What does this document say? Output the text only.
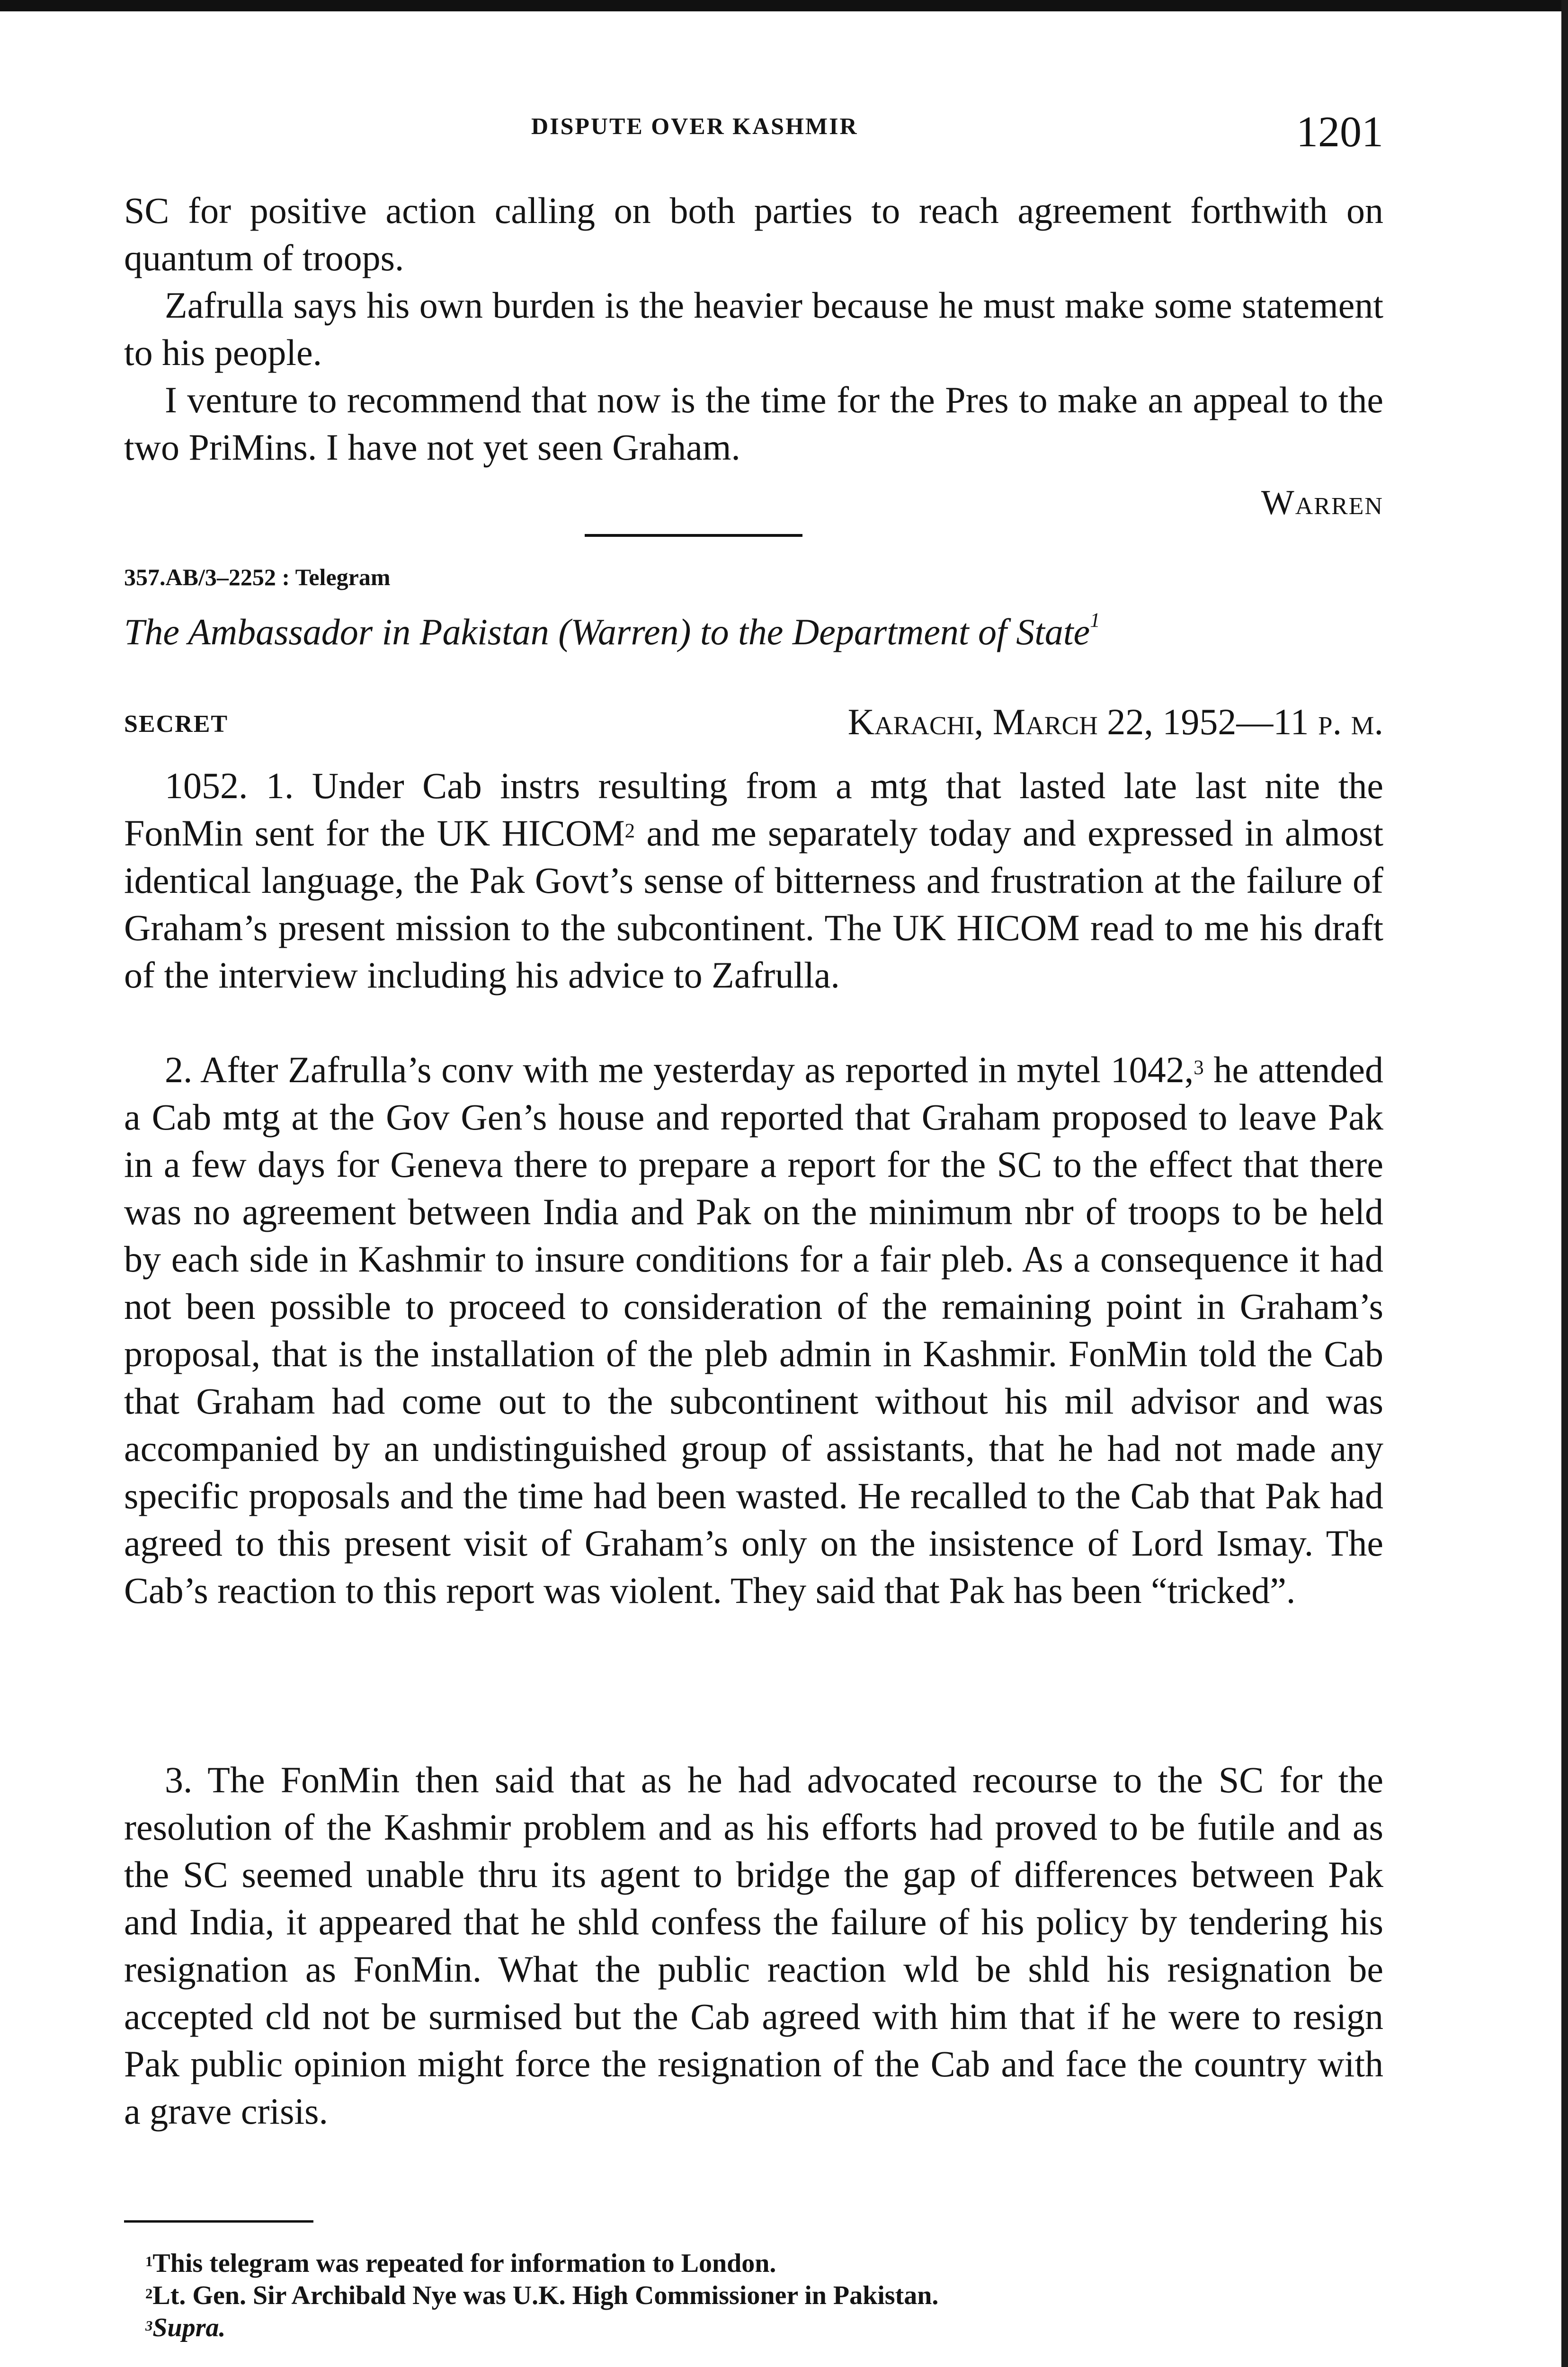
DISPUTE OVER KASHMIR	1201

SC for positive action calling on both parties to reach agreement forthwith on quantum of troops.

Zafrulla says his own burden is the heavier because he must make some statement to his people.

I venture to recommend that now is the time for the Pres to make an appeal to the two PriMins. I have not yet seen Graham.

Warren
357.AB/3–2252 : Telegram
The Ambassador in Pakistan (Warren) to the Department of State$^1$
SECRET	Karachi, March 22, 1952—11 p. m.

1052. 1. Under Cab instrs resulting from a mtg that lasted late last nite the FonMin sent for the UK HICOM$^2$ and me separately today and expressed in almost identical language, the Pak Govt’s sense of bitterness and frustration at the failure of Graham’s present mission to the subcontinent. The UK HICOM read to me his draft of the interview including his advice to Zafrulla.

2. After Zafrulla’s conv with me yesterday as reported in mytel 1042,$^3$ he attended a Cab mtg at the Gov Gen’s house and reported that Graham proposed to leave Pak in a few days for Geneva there to prepare a report for the SC to the effect that there was no agreement between India and Pak on the minimum nbr of troops to be held by each side in Kashmir to insure conditions for a fair pleb. As a consequence it had not been possible to proceed to consideration of the remaining point in Graham’s proposal, that is the installation of the pleb admin in Kashmir. FonMin told the Cab that Graham had come out to the subcontinent without his mil advisor and was accompanied by an undistinguished group of assistants, that he had not made any specific proposals and the time had been wasted. He recalled to the Cab that Pak had agreed to this present visit of Graham’s only on the insistence of Lord Ismay. The Cab’s reaction to this report was violent. They said that Pak has been “tricked”.

3. The FonMin then said that as he had advocated recourse to the SC for the resolution of the Kashmir problem and as his efforts had proved to be futile and as the SC seemed unable thru its agent to bridge the gap of differences between Pak and India, it appeared that he shld confess the failure of his policy by tendering his resignation as FonMin. What the public reaction wld be shld his resignation be accepted cld not be surmised but the Cab agreed with him that if he were to resign Pak public opinion might force the resignation of the Cab and face the country with a grave crisis.

$^1$This telegram was repeated for information to London.
$^2$Lt. Gen. Sir Archibald Nye was U.K. High Commissioner in Pakistan.
$^3$Supra.
